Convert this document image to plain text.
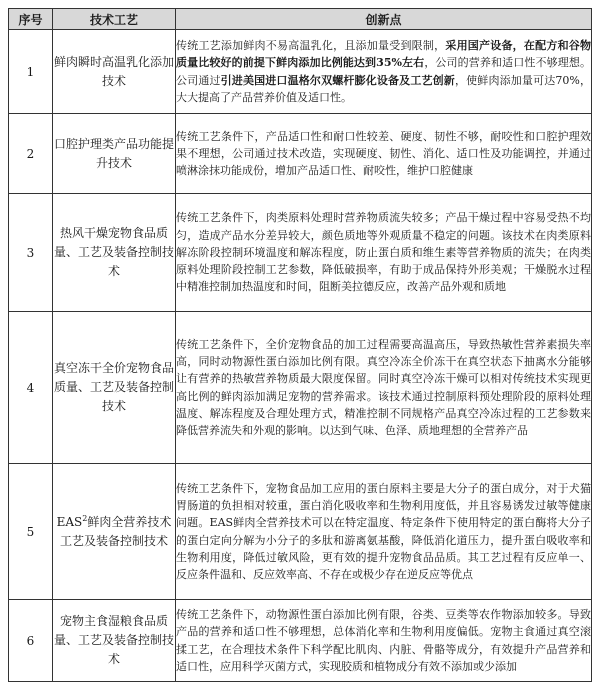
序号	技术工艺	创新点
1	鲜肉瞬时高温乳化添加技术	传统工艺添加鲜肉不易高温乳化，且添加量受到限制，采用国产设备，在配方和谷物质量比较好的前提下鲜肉添加比例能达到35%左右，公司的营养和适口性不够理想。公司通过引进美国进口温格尔双螺杆膨化设备及工艺创新，使鲜肉添加量可达70%，大大提高了产品营养价值及适口性。
2	口腔护理类产品功能提升技术	传统工艺条件下，产品适口性和耐口性较差、硬度、韧性不够，耐咬性和口腔护理效果不理想，公司通过技术改造，实现硬度、韧性、消化、适口性及功能调控，并通过喷淋涂抹功能成份，增加产品适口性、耐咬性，维护口腔健康
3	热风干燥宠物食品质量、工艺及装备控制技术	传统工艺条件下，肉类原料处理时营养物质流失较多；产品干燥过程中容易受热不均匀，造成产品水分差异较大，颜色质地等外观质量不稳定的问题。该技术在肉类原料解冻阶段控制环境温度和解冻程度，防止蛋白质和维生素等营养物质的流失；在肉类原料处理阶段控制工艺参数，降低破损率，有助于成品保持外形美观；干燥脱水过程中精准控制加热温度和时间，阻断美拉德反应，改善产品外观和质地
4	真空冻干全价宠物食品质量、工艺及装备控制技术	传统工艺条件下，全价宠物食品的加工过程需要高温高压，导致热敏性营养素损失率高，同时动物源性蛋白添加比例有限。真空冷冻全价冻干在真空状态下抽离水分能够让有营养的热敏营养物质最大限度保留。同时真空冷冻干燥可以相对传统技术实现更高比例的鲜肉添加满足宠物的营养需求。该技术通过控制原料预处理阶段的原料处理温度、解冻程度及合理处理方式，精准控制不同规格产品真空冷冻过程的工艺参数来降低营养流失和外观的影响。以达到气味、色泽、质地理想的全营养产品
5	EAS$^2$鲜肉全营养技术工艺及装备控制技术	传统工艺条件下，宠物食品加工应用的蛋白原料主要是大分子的蛋白成分，对于犬猫胃肠道的负担相对较重，蛋白消化吸收率和生物利用度低，并且容易诱发过敏等健康问题。EAS鲜肉全营养技术可以在特定温度、特定条件下使用特定的蛋白酶将大分子的蛋白定向分解为小分子的多肽和游离氨基酸，降低消化道压力，提升蛋白吸收率和生物利用度，降低过敏风险，更有效的提升宠物食品品质。其工艺过程有反应单一、反应条件温和、反应效率高、不存在或极少存在逆反应等优点
6	宠物主食湿粮食品质量、工艺及装备控制技术	传统工艺条件下，动物源性蛋白添加比例有限，谷类、豆类等农作物添加较多。导致产品的营养和适口性不够理想，总体消化率和生物利用度偏低。宠物主食通过真空滚揉工艺，在合理技术条件下科学配比肌肉、内脏、骨骼等成分，有效提升产品营养和适口性，应用科学灭菌方式，实现胶质和植物成分有效不添加或少添加
